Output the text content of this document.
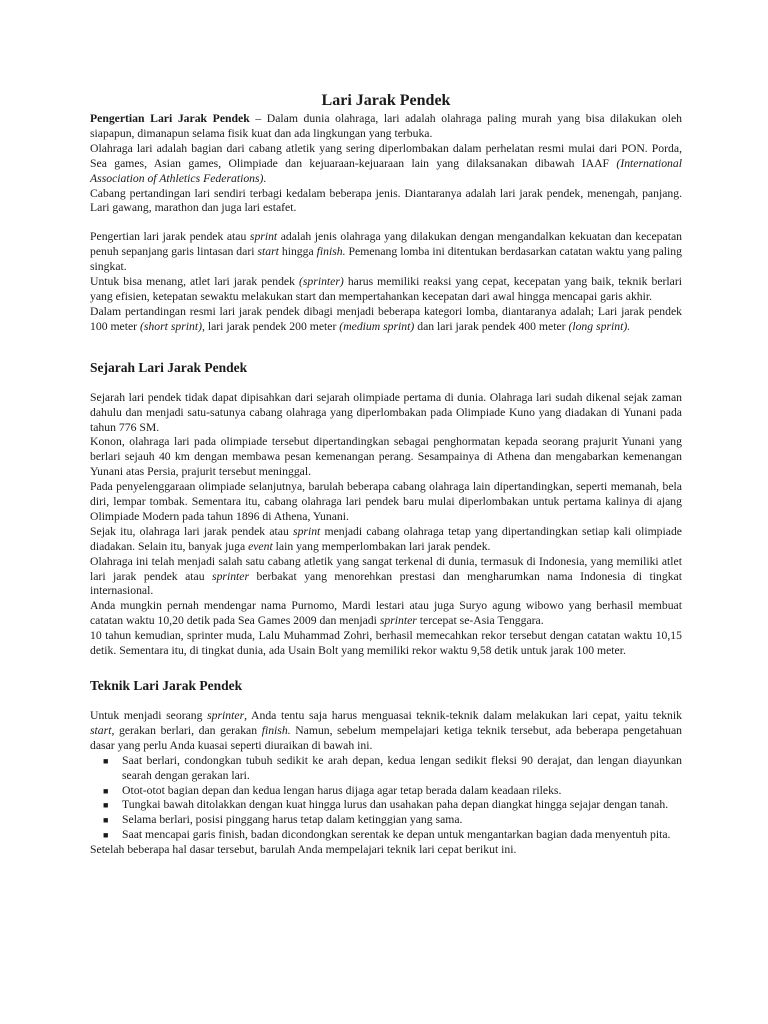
Lari Jarak Pendek

Pengertian Lari Jarak Pendek – Dalam dunia olahraga, lari adalah olahraga paling murah yang bisa dilakukan oleh siapapun, dimanapun selama fisik kuat dan ada lingkungan yang terbuka.

Olahraga lari adalah bagian dari cabang atletik yang sering diperlombakan dalam perhelatan resmi mulai dari PON. Porda, Sea games, Asian games, Olimpiade dan kejuaraan-kejuaraan lain yang dilaksanakan dibawah IAAF (International Association of Athletics Federations).

Cabang pertandingan lari sendiri terbagi kedalam beberapa jenis. Diantaranya adalah lari jarak pendek, menengah, panjang. Lari gawang, marathon dan juga lari estafet.

Pengertian lari jarak pendek atau sprint adalah jenis olahraga yang dilakukan dengan mengandalkan kekuatan dan kecepatan penuh sepanjang garis lintasan dari start hingga finish. Pemenang lomba ini ditentukan berdasarkan catatan waktu yang paling singkat.

Untuk bisa menang, atlet lari jarak pendek (sprinter) harus memiliki reaksi yang cepat, kecepatan yang baik, teknik berlari yang efisien, ketepatan sewaktu melakukan start dan mempertahankan kecepatan dari awal hingga mencapai garis akhir.

Dalam pertandingan resmi lari jarak pendek dibagi menjadi beberapa kategori lomba, diantaranya adalah; Lari jarak pendek 100 meter (short sprint), lari jarak pendek 200 meter (medium sprint) dan lari jarak pendek 400 meter (long sprint).

Sejarah Lari Jarak Pendek

Sejarah lari pendek tidak dapat dipisahkan dari sejarah olimpiade pertama di dunia. Olahraga lari sudah dikenal sejak zaman dahulu dan menjadi satu-satunya cabang olahraga yang diperlombakan pada Olimpiade Kuno yang diadakan di Yunani pada tahun 776 SM.

Konon, olahraga lari pada olimpiade tersebut dipertandingkan sebagai penghormatan kepada seorang prajurit Yunani yang berlari sejauh 40 km dengan membawa pesan kemenangan perang. Sesampainya di Athena dan mengabarkan kemenangan Yunani atas Persia, prajurit tersebut meninggal.

Pada penyelenggaraan olimpiade selanjutnya, barulah beberapa cabang olahraga lain dipertandingkan, seperti memanah, bela diri, lempar tombak. Sementara itu, cabang olahraga lari pendek baru mulai diperlombakan untuk pertama kalinya di ajang Olimpiade Modern pada tahun 1896 di Athena, Yunani.

Sejak itu, olahraga lari jarak pendek atau sprint menjadi cabang olahraga tetap yang dipertandingkan setiap kali olimpiade diadakan. Selain itu, banyak juga event lain yang memperlombakan lari jarak pendek.

Olahraga ini telah menjadi salah satu cabang atletik yang sangat terkenal di dunia, termasuk di Indonesia, yang memiliki atlet lari jarak pendek atau sprinter berbakat yang menorehkan prestasi dan mengharumkan nama Indonesia di tingkat internasional.

Anda mungkin pernah mendengar nama Purnomo, Mardi lestari atau juga Suryo agung wibowo yang berhasil membuat catatan waktu 10,20 detik pada Sea Games 2009 dan menjadi sprinter tercepat se-Asia Tenggara.

10 tahun kemudian, sprinter muda, Lalu Muhammad Zohri, berhasil memecahkan rekor tersebut dengan catatan waktu 10,15 detik. Sementara itu, di tingkat dunia, ada Usain Bolt yang memiliki rekor waktu 9,58 detik untuk jarak 100 meter.

Teknik Lari Jarak Pendek

Untuk menjadi seorang sprinter, Anda tentu saja harus menguasai teknik-teknik dalam melakukan lari cepat, yaitu teknik start, gerakan berlari, dan gerakan finish. Namun, sebelum mempelajari ketiga teknik tersebut, ada beberapa pengetahuan dasar yang perlu Anda kuasai seperti diuraikan di bawah ini.

■ Saat berlari, condongkan tubuh sedikit ke arah depan, kedua lengan sedikit fleksi 90 derajat, dan lengan diayunkan searah dengan gerakan lari.
■ Otot-otot bagian depan dan kedua lengan harus dijaga agar tetap berada dalam keadaan rileks.
■ Tungkai bawah ditolakkan dengan kuat hingga lurus dan usahakan paha depan diangkat hingga sejajar dengan tanah.
■ Selama berlari, posisi pinggang harus tetap dalam ketinggian yang sama.
■ Saat mencapai garis finish, badan dicondongkan serentak ke depan untuk mengantarkan bagian dada menyentuh pita.

Setelah beberapa hal dasar tersebut, barulah Anda mempelajari teknik lari cepat berikut ini.
